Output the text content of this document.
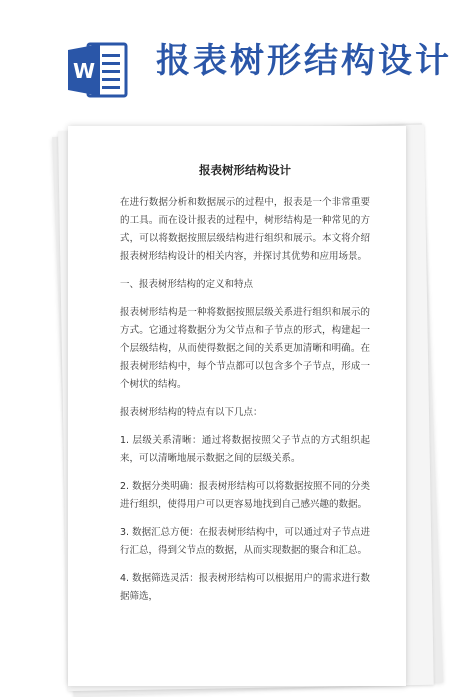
W 报表树形结构设计
报表树形结构设计

在进行数据分析和数据展示的过程中，报表是一个非常重要的工具。而在设计报表的过程中，树形结构是一种常见的方式，可以将数据按照层级结构进行组织和展示。本文将介绍报表树形结构设计的相关内容，并探讨其优势和应用场景。

一、报表树形结构的定义和特点

报表树形结构是一种将数据按照层级关系进行组织和展示的方式。它通过将数据分为父节点和子节点的形式，构建起一个层级结构，从而使得数据之间的关系更加清晰和明确。在报表树形结构中，每个节点都可以包含多个子节点，形成一个树状的结构。

报表树形结构的特点有以下几点：

1. 层级关系清晰：通过将数据按照父子节点的方式组织起来，可以清晰地展示数据之间的层级关系。

2. 数据分类明确：报表树形结构可以将数据按照不同的分类进行组织，使得用户可以更容易地找到自己感兴趣的数据。

3. 数据汇总方便：在报表树形结构中，可以通过对子节点进行汇总，得到父节点的数据，从而实现数据的聚合和汇总。

4. 数据筛选灵活：报表树形结构可以根据用户的需求进行数据筛选，
